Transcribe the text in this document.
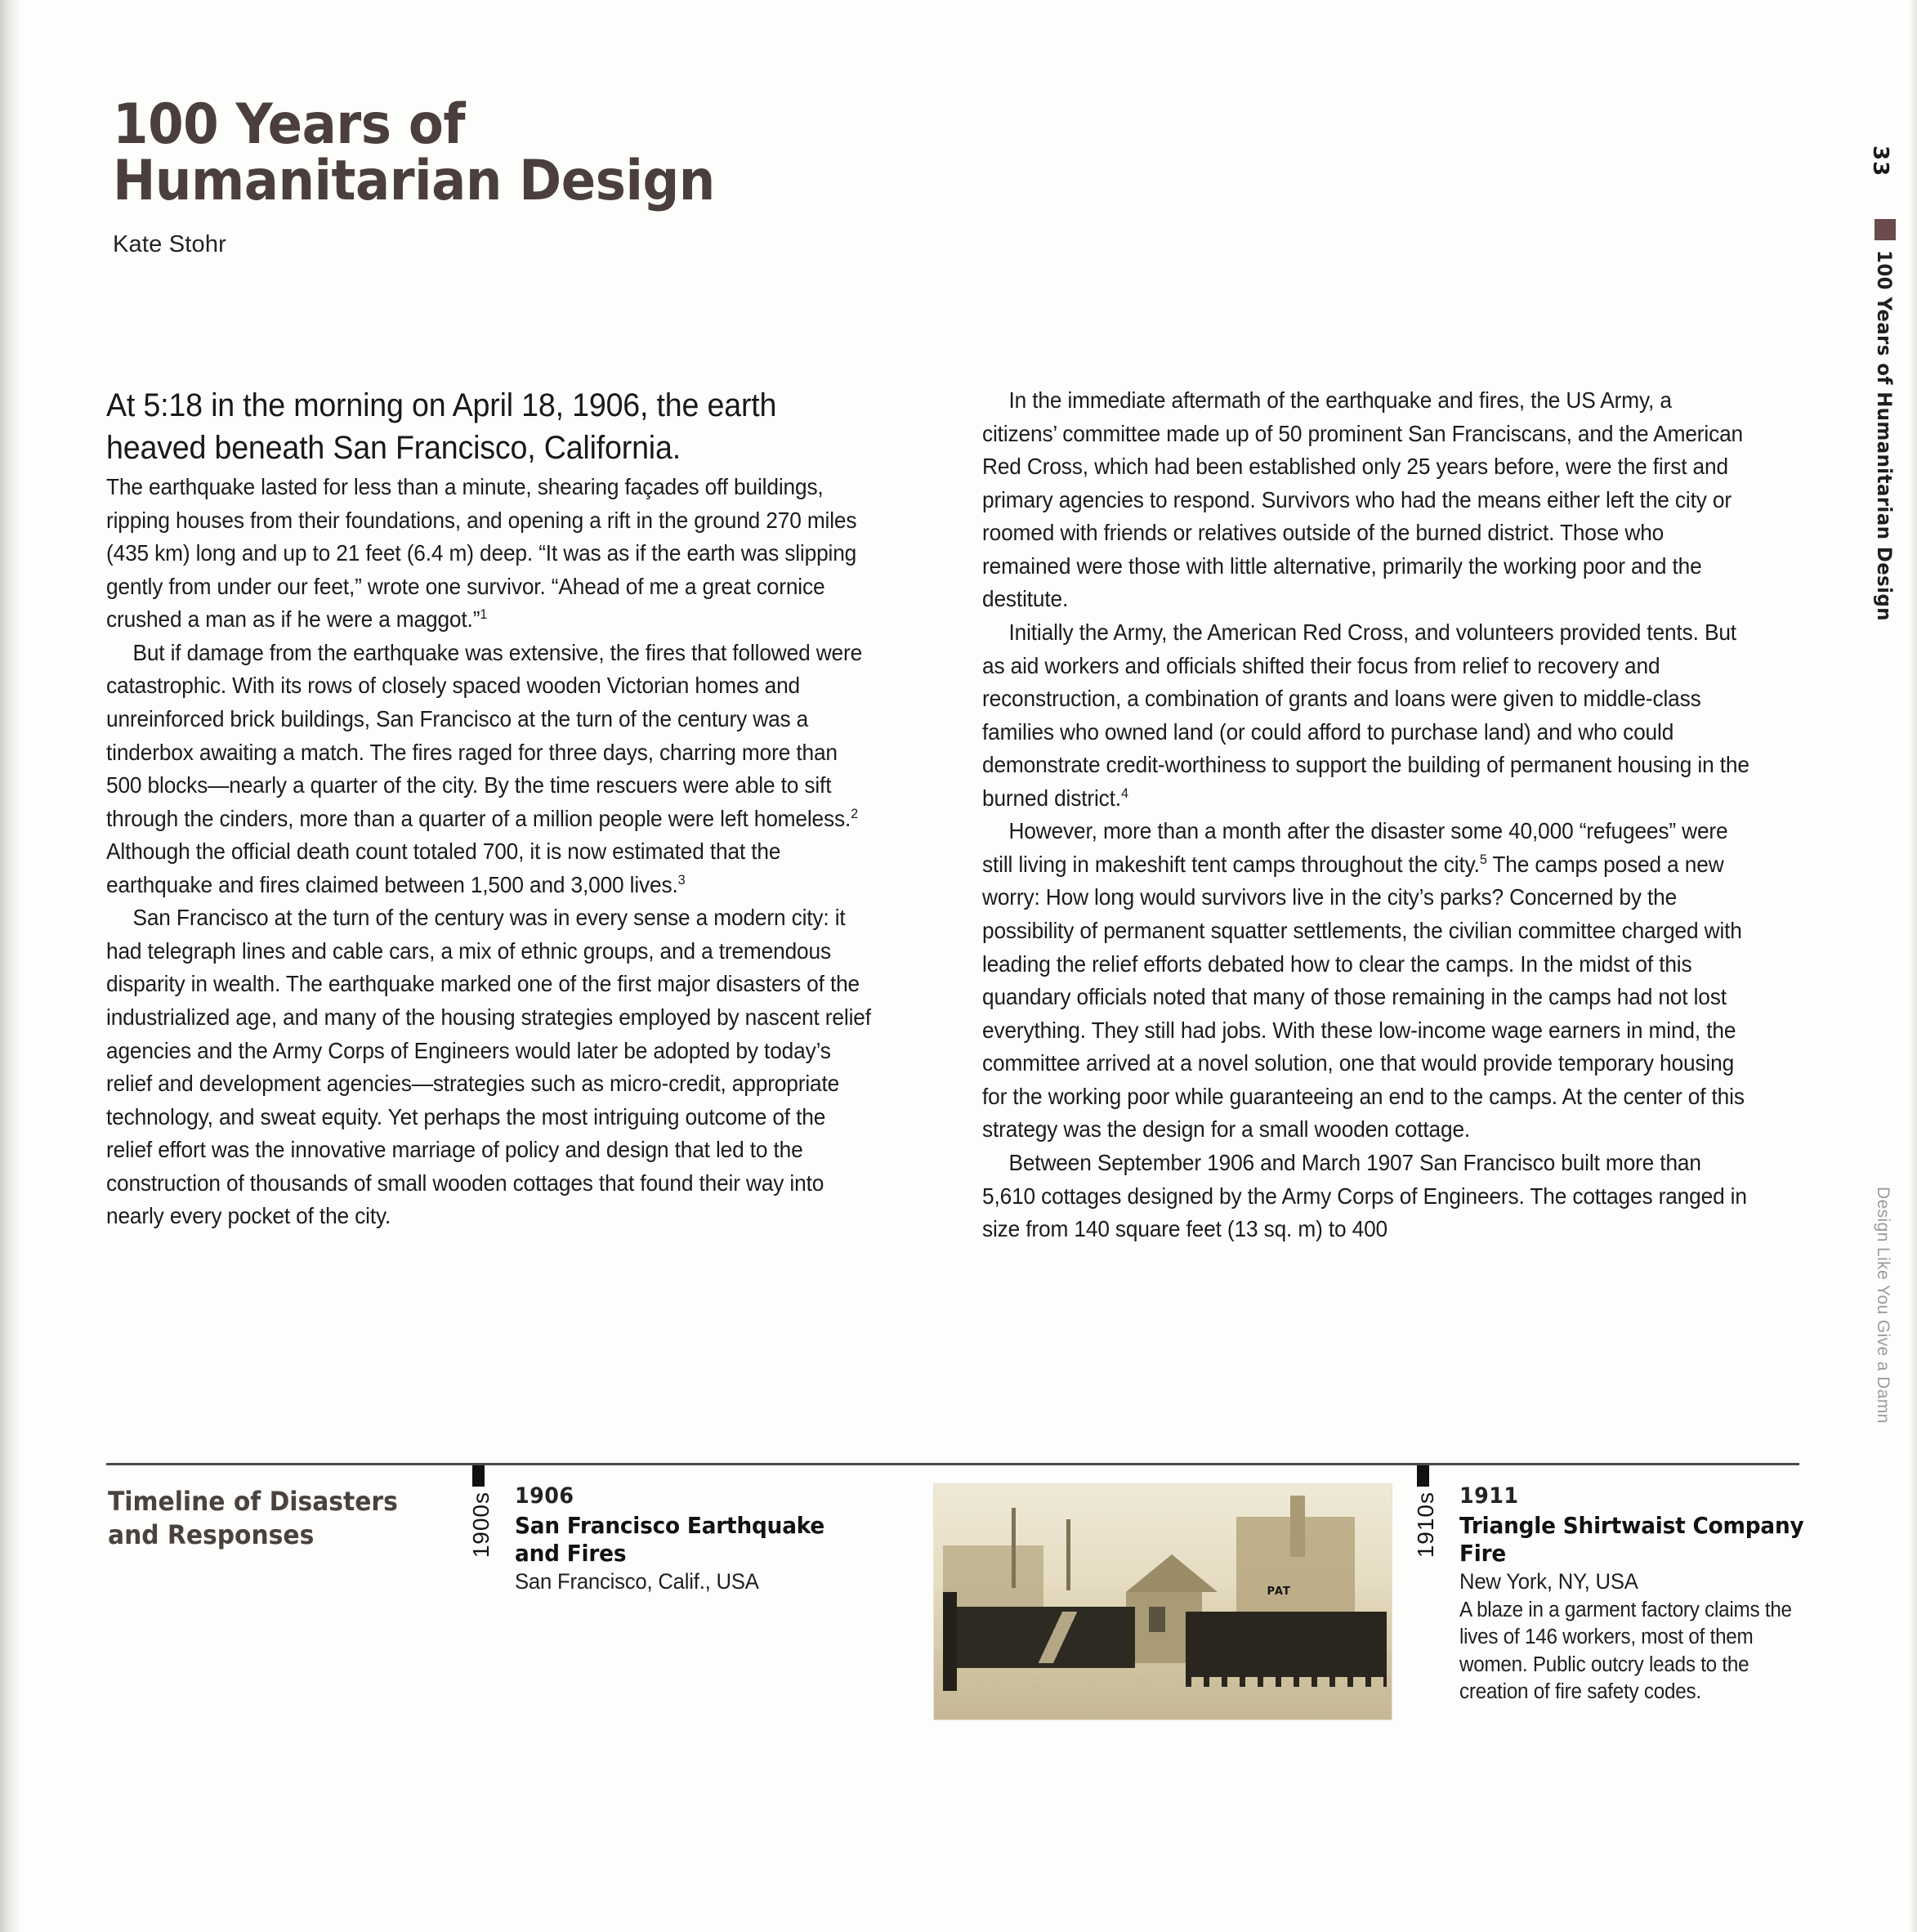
100 Years of
Humanitarian Design
Kate Stohr

At 5:18 in the morning on April 18, 1906, the earth heaved beneath San Francisco, California.

The earthquake lasted for less than a minute, shearing façades off buildings, ripping houses from their foundations, and opening a rift in the ground 270 miles (435 km) long and up to 21 feet (6.4 m) deep. “It was as if the earth was slipping gently from under our feet,” wrote one survivor. “Ahead of me a great cornice crushed a man as if he were a maggot.”$^1$

But if damage from the earthquake was extensive, the fires that followed were catastrophic. With its rows of closely spaced wooden Victorian homes and unreinforced brick buildings, San Francisco at the turn of the century was a tinderbox awaiting a match. The fires raged for three days, charring more than 500 blocks—nearly a quarter of the city. By the time rescuers were able to sift through the cinders, more than a quarter of a million people were left homeless.$^2$ Although the official death count totaled 700, it is now estimated that the earthquake and fires claimed between 1,500 and 3,000 lives.$^3$

San Francisco at the turn of the century was in every sense a modern city: it had telegraph lines and cable cars, a mix of ethnic groups, and a tremendous disparity in wealth. The earthquake marked one of the first major disasters of the industrialized age, and many of the housing strategies employed by nascent relief agencies and the Army Corps of Engineers would later be adopted by today’s relief and development agencies—strategies such as micro-credit, appropriate technology, and sweat equity. Yet perhaps the most intriguing outcome of the relief effort was the innovative marriage of policy and design that led to the construction of thousands of small wooden cottages that found their way into nearly every pocket of the city.

In the immediate aftermath of the earthquake and fires, the US Army, a citizens’ committee made up of 50 prominent San Franciscans, and the American Red Cross, which had been established only 25 years before, were the first and primary agencies to respond. Survivors who had the means either left the city or roomed with friends or relatives outside of the burned district. Those who remained were those with little alternative, primarily the working poor and the destitute.

Initially the Army, the American Red Cross, and volunteers provided tents. But as aid workers and officials shifted their focus from relief to recovery and reconstruction, a combination of grants and loans were given to middle-class families who owned land (or could afford to purchase land) and who could demonstrate credit-worthiness to support the building of permanent housing in the burned district.$^4$

However, more than a month after the disaster some 40,000 “refugees” were still living in makeshift tent camps throughout the city.$^5$ The camps posed a new worry: How long would survivors live in the city’s parks? Concerned by the possibility of permanent squatter settlements, the civilian committee charged with leading the relief efforts debated how to clear the camps. In the midst of this quandary officials noted that many of those remaining in the camps had not lost everything. They still had jobs. With these low-income wage earners in mind, the committee arrived at a novel solution, one that would provide temporary housing for the working poor while guaranteeing an end to the camps. At the center of this strategy was the design for a small wooden cottage.

Between September 1906 and March 1907 San Francisco built more than 5,610 cottages designed by the Army Corps of Engineers. The cottages ranged in size from 140 square feet (13 sq. m) to 400

Timeline of Disasters
and Responses	1900s 1906
San Francisco Earthquake and Fires
San Francisco, Calif., USA	PAT
1910s 1911
Triangle Shirtwaist Company Fire
New York, NY, USA
A blaze in a garment factory claims the lives of 146 workers, most of them women. Public outcry leads to the creation of fire safety codes.
33
100 Years of Humanitarian Design
Design Like You Give a Damn
